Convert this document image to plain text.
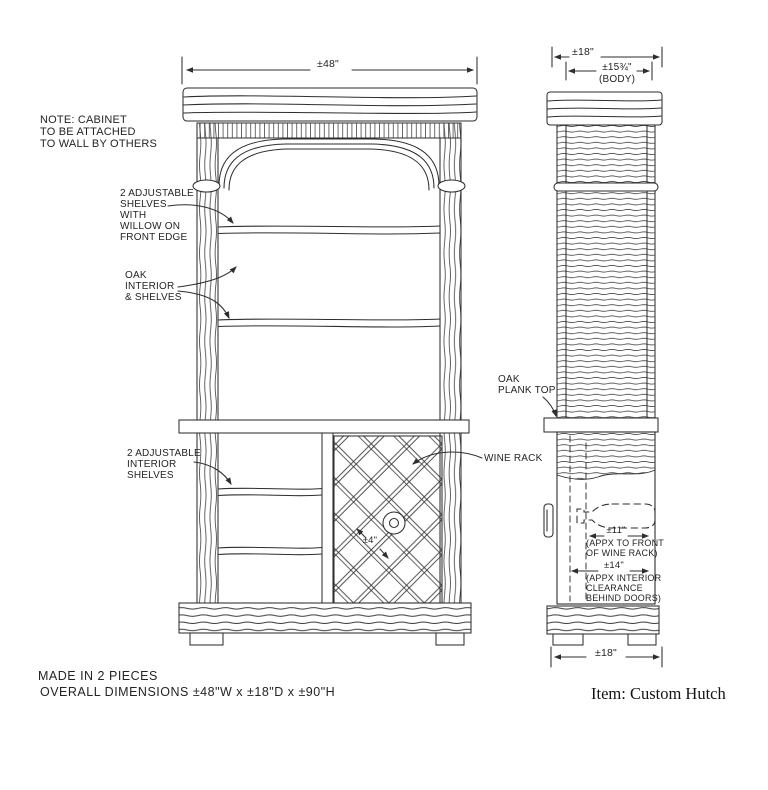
±48"
NOTE: CABINET
TO BE ATTACHED
TO WALL BY OTHERS
2 ADJUSTABLE
SHELVES
WITH
WILLOW ON
FRONT EDGE
OAK
INTERIOR
& SHELVES
2 ADJUSTABLE
INTERIOR
SHELVES
WINE RACK
±4"
±18"
±15¾"
(BODY)
OAK
PLANK TOP
±11"
(APPX TO FRONT
OF WINE RACK)
±14"
(APPX INTERIOR
CLEARANCE
BEHIND DOORS)
±18"
MADE IN 2 PIECES
OVERALL DIMENSIONS ±48"W x ±18"D x ±90"H	Item: Custom Hutch
